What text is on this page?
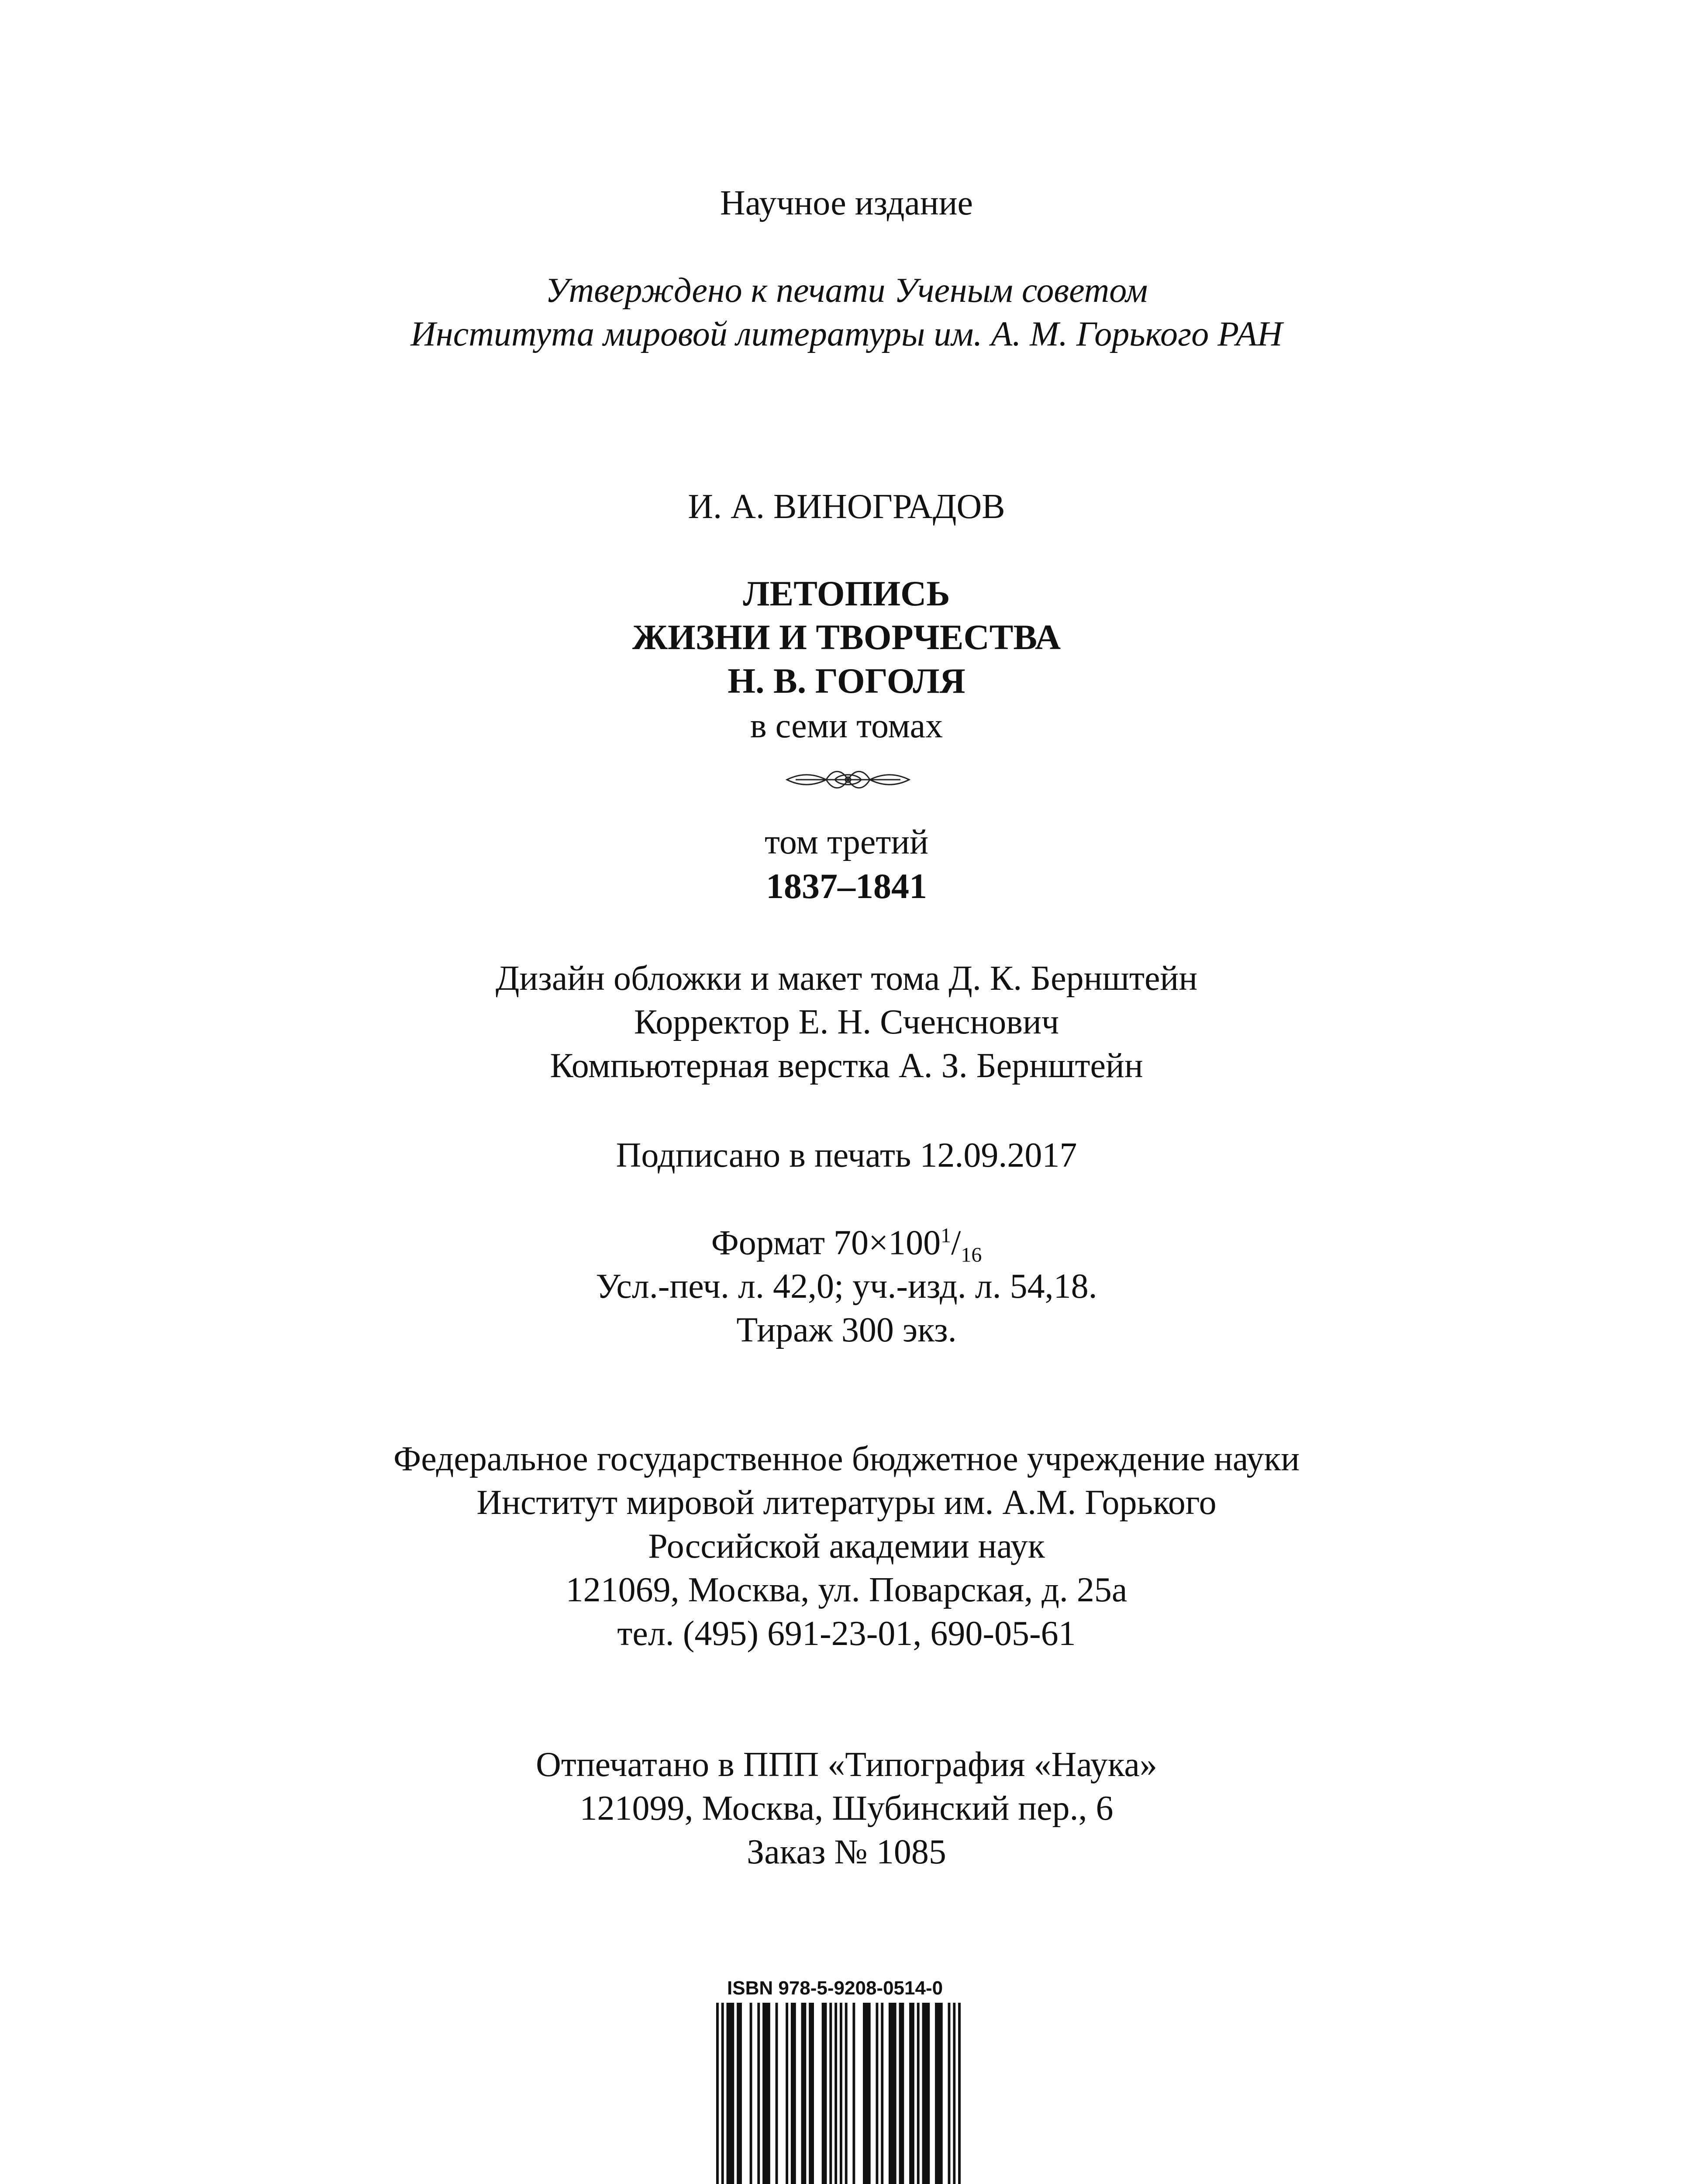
Научное издание
Утверждено к печати Ученым советом
Института мировой литературы им. А. М. Горького РАН
И. А. ВИНОГРАДОВ
ЛЕТОПИСЬ
ЖИЗНИ И ТВОРЧЕСТВА
Н. В. ГОГОЛЯ
в семи томах
том третий
1837–1841
Дизайн обложки и макет тома Д. К. Бернштейн
Корректор Е. Н. Сченснович
Компьютерная верстка А. З. Бернштейн
Подписано в печать 12.09.2017
Формат $70\times 100^1/_{16}$
Усл.-печ. л. 42,0; уч.-изд. л. 54,18.
Тираж 300 экз.
Федеральное государственное бюджетное учреждение науки
Институт мировой литературы им. А.М. Горького
Российской академии наук
121069, Москва, ул. Поварская, д. 25а
тел. (495) 691-23-01, 690-05-61
Отпечатано в ППП «Типография «Наука»
121099, Москва, Шубинский пер., 6
Заказ № 1085
ISBN 978-5-9208-0514-0
